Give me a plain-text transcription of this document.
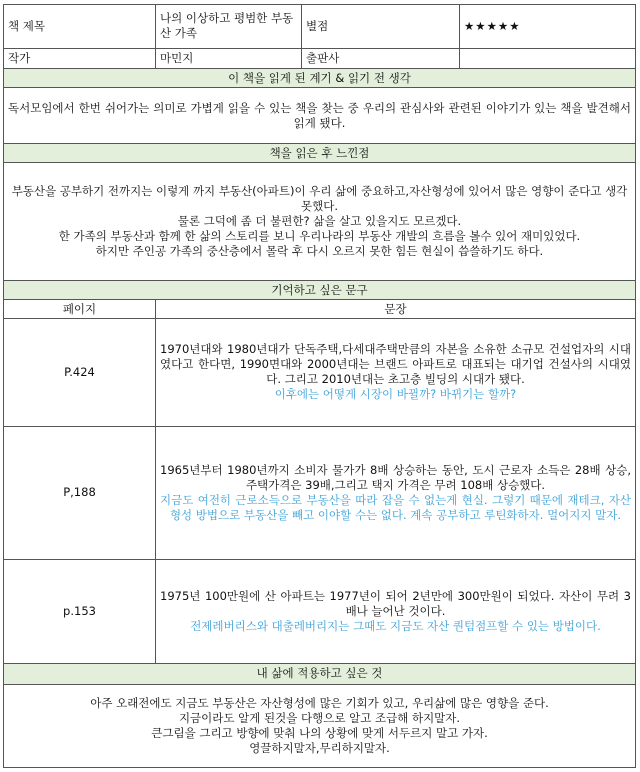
책 제목	나의 이상하고 평범한 부동산 가족	별점	★★★★★
작가	마민지	출판사	
이 책을 읽게 된 계기 & 읽기 전 생각			
독서모임에서 한번 쉬어가는 의미로 가볍게 읽을 수 있는 책을 찾는 중 우리의 관심사와 관련된 이야기가 있는 책을 발견해서 읽게 됐다.			
책을 읽은 후 느낀점			

부동산을 공부하기 전까지는 이렇게 까지 부동산(아파트)이 우리 삶에 중요하고,자산형성에 있어서 많은 영향이 준다고 생각 못했다.
물론 그덕에 좀 더 불편한? 삶을 살고 있을지도 모르겠다.
한 가족의 부동산과 함께 한 삶의 스토리를 보니 우리나라의 부동산 개발의 흐름을 볼수 있어 재미있었다.
하지만 주인공 가족의 중산층에서 몰락 후 다시 오르지 못한 힘든 현실이 씁쓸하기도 하다.			

기억하고 싶은 문구			
페이지	문장		
P.424	1970년대와 1980년대가 단독주택,다세대주택만큼의 자본을 소유한 소규모 건설업자의 시대였다고 한다면, 1990면대와 2000년대는 브랜드 아파트로 대표되는 대기업 건설사의 시대였다. 그리고 2010년대는 초고층 빌딩의 시대가 됐다.
이후에는 어떻게 시장이 바뀔까? 바뀌기는 할까?		

P,188	1965년부터 1980년까지 소비자 물가가 8배 상승하는 동안, 도시 근로자 소득은 28배 상승, 주택가격은 39배,그리고 택지 가격은 무려 108배 상승했다.
지금도 여전히 근로소득으로 부동산을 따라 잡을 수 없는게 현실. 그렇기 때문에 재테크, 자산형성 방법으로 부동산을 빼고 이야할 수는 없다. 계속 공부하고 루틴화하자. 멀어지지 말자.		

p.153	1975년 100만원에 산 아파트는 1977년이 되어 2년만에 300만원이 되었다. 자산이 무려 3배나 늘어난 것이다.
전제레버리스와 대출레버리지는 그때도 지금도 자산 퀀텀점프할 수 있는 방법이다.		

내 삶에 적용하고 싶은 것			

아주 오래전에도 지금도 부동산은 자산형성에 많은 기회가 있고, 우리삶에 많은 영향을 준다.
지금이라도 알게 된것을 다행으로 알고 조급해 하지말자.
큰그림을 그리고 방향에 맞춰 나의 상황에 맞게 서두르지 말고 가자.
영끌하지말자,무리하지말자.			
